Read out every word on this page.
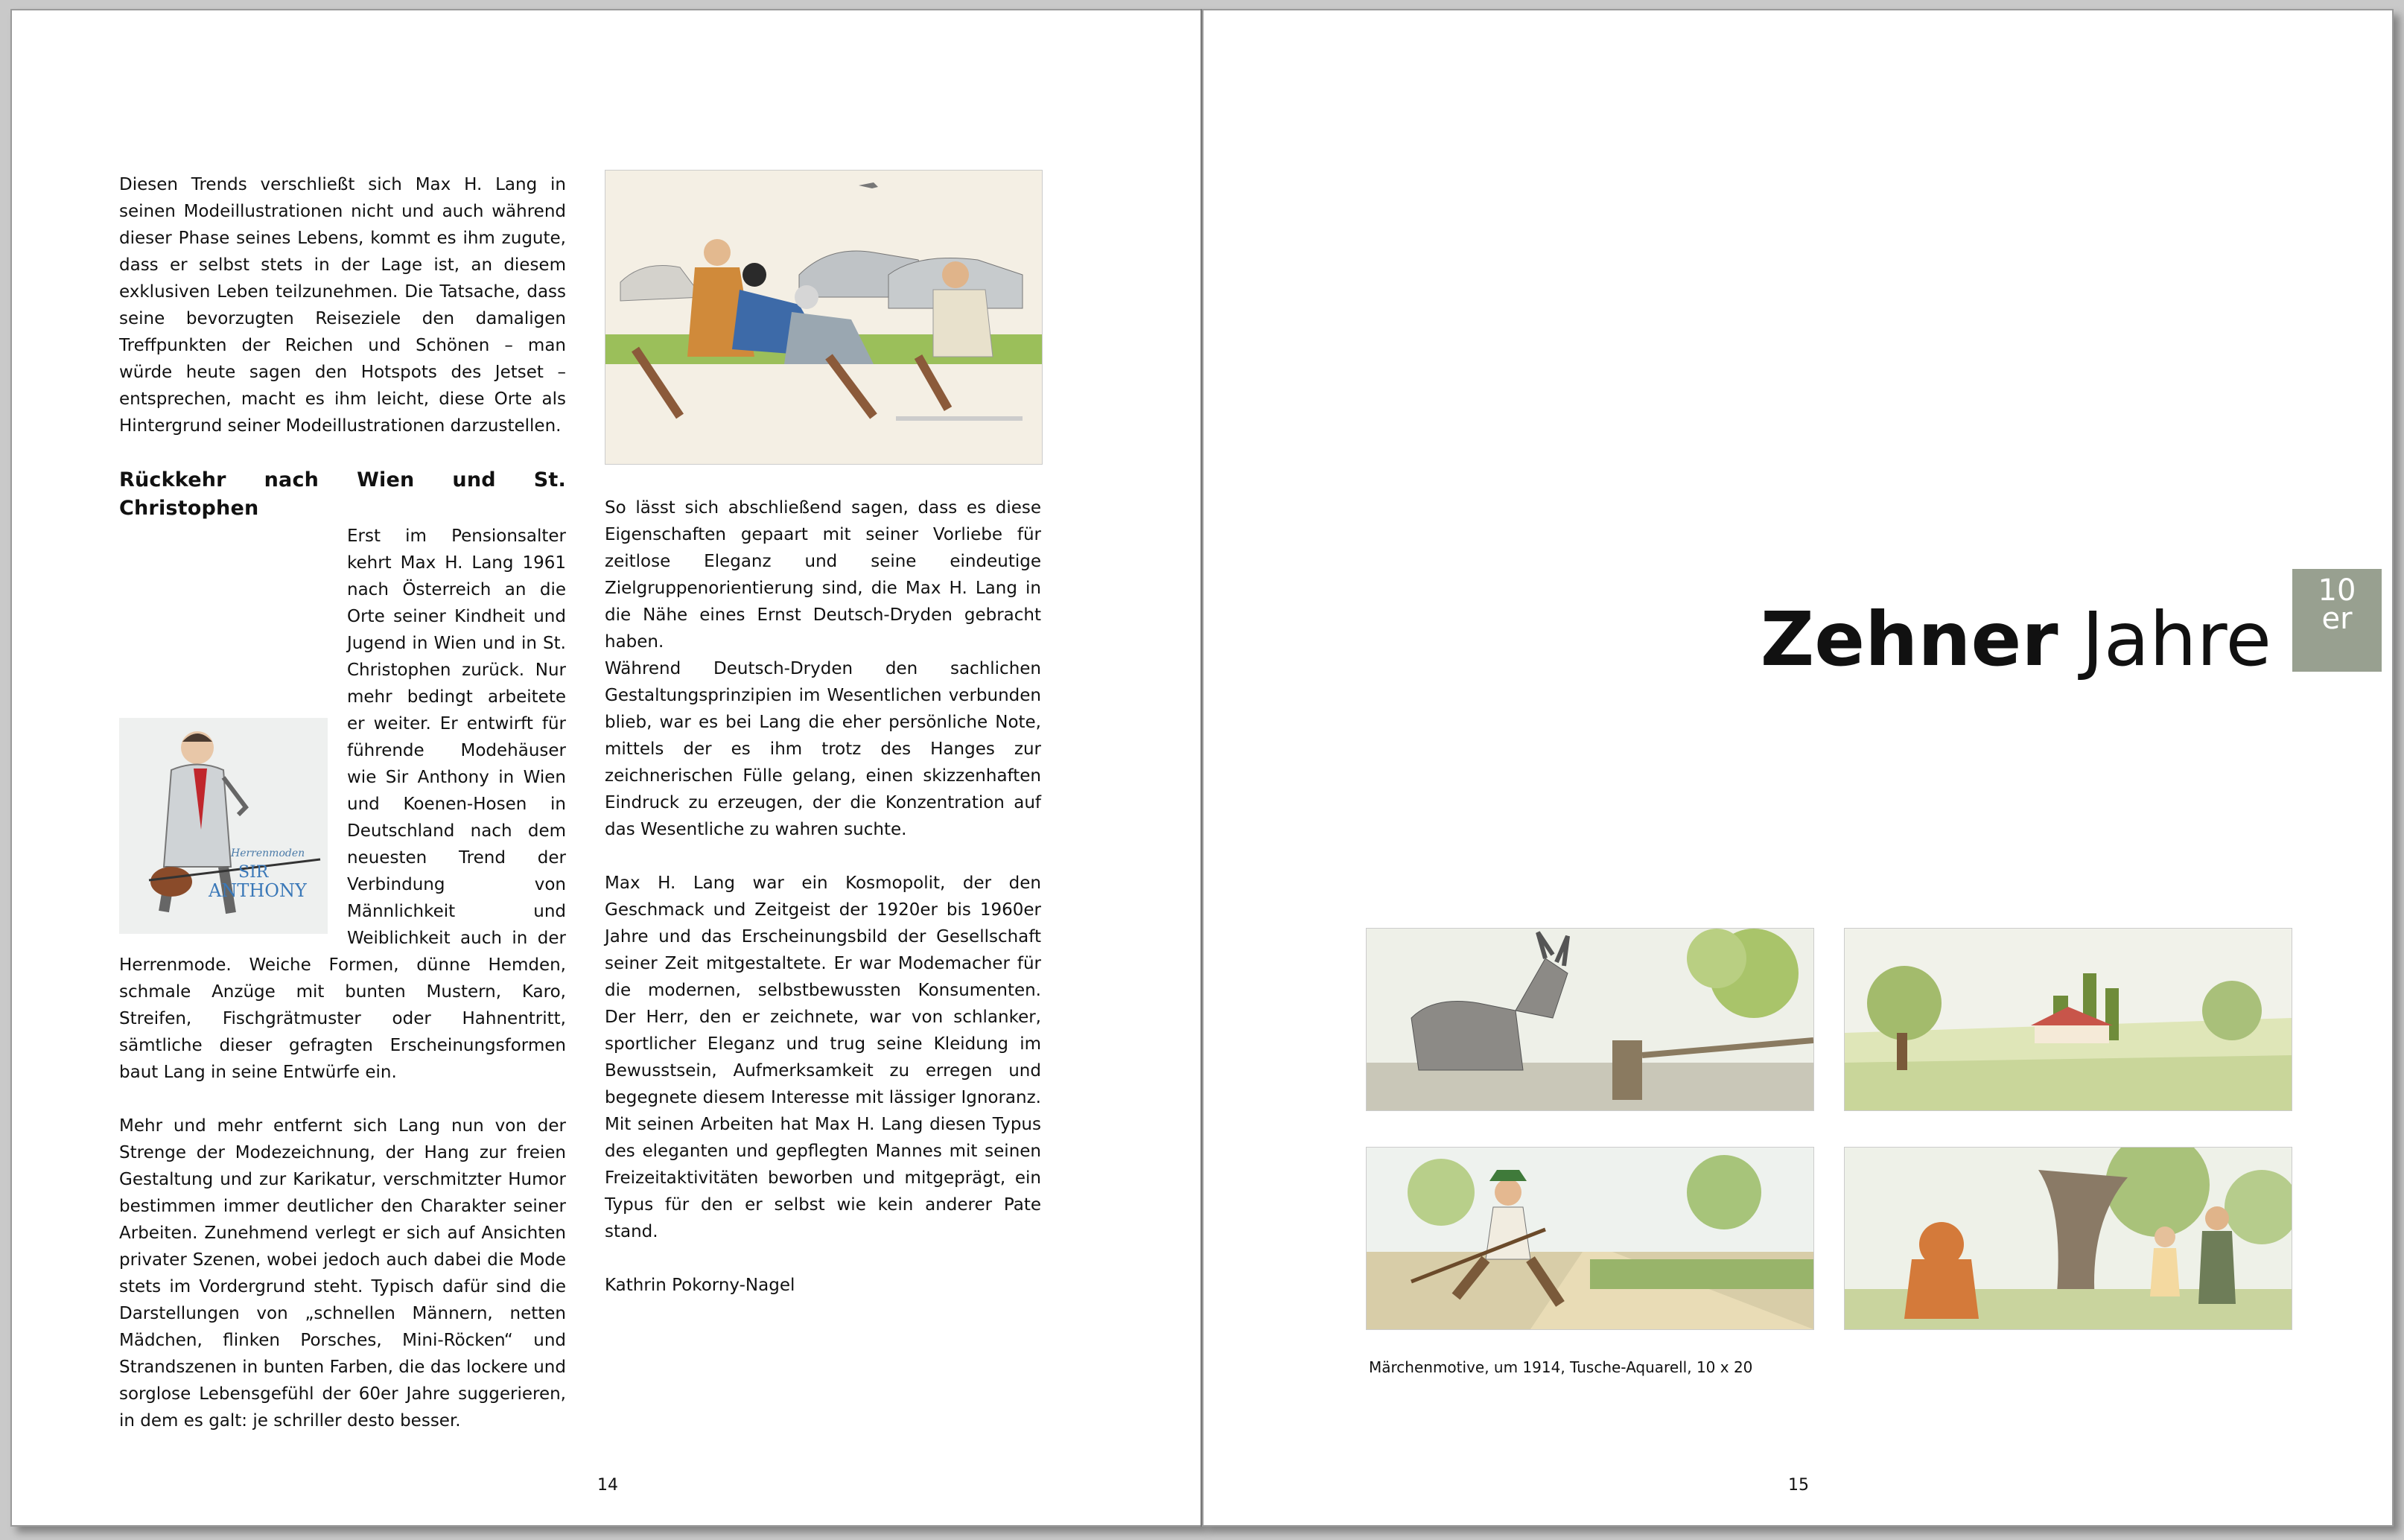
Diesen Trends verschließt sich Max H. Lang in seinen Modeillustrationen nicht und auch während dieser Phase seines Lebens, kommt es ihm zugute, dass er selbst stets in der Lage ist, an diesem exklusiven Leben teilzunehmen. Die Tatsache, dass seine bevorzugten Reiseziele den damaligen Treffpunkten der Reichen und Schönen – man würde heute sagen den Hotspots des Jetset – entsprechen, macht es ihm leicht, diese Orte als Hintergrund seiner Modeillustrationen darzustellen.

Rückkehr nach Wien und St. Christophen

Herrenmoden
SIR
ANTHONY
Erst im Pensionsalter kehrt Max H. Lang 1961 nach Österreich an die Orte seiner Kindheit und Jugend in Wien und in St. Christophen zurück. Nur mehr bedingt arbeitete er weiter. Er entwirft für führende Modehäuser wie Sir Anthony in Wien und Koenen-Hosen in Deutschland nach dem neuesten Trend der Verbindung von Männlichkeit und Weiblichkeit auch in der Herrenmode. Weiche Formen, dünne Hemden, schmale Anzüge mit bunten Mustern, Karo, Streifen, Fischgrätmuster oder Hahnentritt, sämtliche dieser gefragten Erscheinungsformen baut Lang in seine Entwürfe ein.

Mehr und mehr entfernt sich Lang nun von der Strenge der Modezeichnung, der Hang zur freien Gestaltung und zur Karikatur, verschmitzter Humor bestimmen immer deutlicher den Charakter seiner Arbeiten. Zunehmend verlegt er sich auf Ansichten privater Szenen, wobei jedoch auch dabei die Mode stets im Vordergrund steht. Typisch dafür sind die Darstellungen von „schnellen Männern, netten Mädchen, flinken Porsches, Mini-Röcken“ und Strandszenen in bunten Farben, die das lockere und sorglose Lebensgefühl der 60er Jahre suggerieren, in dem es galt: je schriller desto besser.

So lässt sich abschließend sagen, dass es diese Eigenschaften gepaart mit seiner Vorliebe für zeitlose Eleganz und seine eindeutige Zielgruppenorientierung sind, die Max H. Lang in die Nähe eines Ernst Deutsch-Dryden gebracht haben.

Während Deutsch-Dryden den sachlichen Gestaltungsprinzipien im Wesentlichen verbunden blieb, war es bei Lang die eher persönliche Note, mittels der es ihm trotz des Hanges zur zeichnerischen Fülle gelang, einen skizzenhaften Eindruck zu erzeugen, der die Konzentration auf das Wesentliche zu wahren suchte.

Max H. Lang war ein Kosmopolit, der den Geschmack und Zeitgeist der 1920er bis 1960er Jahre und das Erscheinungsbild der Gesellschaft seiner Zeit mitgestaltete. Er war Modemacher für die modernen, selbstbewussten Konsumenten. Der Herr, den er zeichnete, war von schlanker, sportlicher Eleganz und trug seine Kleidung im Bewusstsein, Aufmerksamkeit zu erregen und begegnete diesem Interesse mit lässiger Ignoranz. Mit seinen Arbeiten hat Max H. Lang diesen Typus des eleganten und gepflegten Mannes mit seinen Freizeitaktivitäten beworben und mitgeprägt, ein Typus für den er selbst wie kein anderer Pate stand.

Kathrin Pokorny-Nagel

14
Zehner Jahre
10
er
Märchenmotive, um 1914, Tusche-Aquarell, 10 x 20
15
